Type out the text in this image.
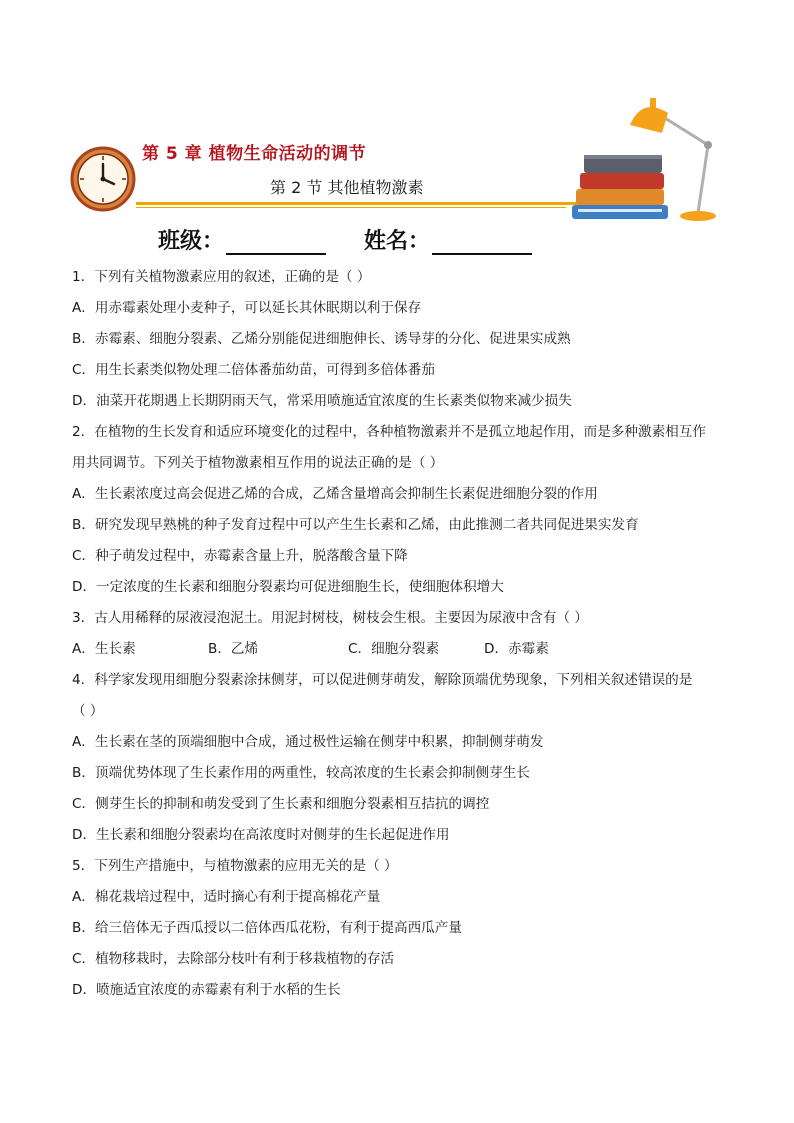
第 5 章 植物生命活动的调节
第 2 节 其他植物激素
班级：	姓名：
1．下列有关植物激素应用的叙述，正确的是（ ）
A．用赤霉素处理小麦种子，可以延长其休眠期以利于保存
B．赤霉素、细胞分裂素、乙烯分别能促进细胞伸长、诱导芽的分化、促进果实成熟
C．用生长素类似物处理二倍体番茄幼苗，可得到多倍体番茄
D．油菜开花期遇上长期阴雨天气，常采用喷施适宜浓度的生长素类似物来减少损失
2．在植物的生长发育和适应环境变化的过程中，各种植物激素并不是孤立地起作用，而是多种激素相互作
用共同调节。下列关于植物激素相互作用的说法正确的是（ ）
A．生长素浓度过高会促进乙烯的合成，乙烯含量增高会抑制生长素促进细胞分裂的作用
B．研究发现早熟桃的种子发育过程中可以产生生长素和乙烯，由此推测二者共同促进果实发育
C．种子萌发过程中，赤霉素含量上升，脱落酸含量下降
D．一定浓度的生长素和细胞分裂素均可促进细胞生长，使细胞体积增大
3．古人用稀释的尿液浸泡泥土。用泥封树枝，树枝会生根。主要因为尿液中含有（ ）
A．生长素	B．乙烯	C．细胞分裂素	D．赤霉素
4．科学家发现用细胞分裂素涂抹侧芽，可以促进侧芽萌发，解除顶端优势现象，下列相关叙述错误的是
（ ）
A．生长素在茎的顶端细胞中合成，通过极性运输在侧芽中积累，抑制侧芽萌发
B．顶端优势体现了生长素作用的两重性，较高浓度的生长素会抑制侧芽生长
C．侧芽生长的抑制和萌发受到了生长素和细胞分裂素相互拮抗的调控
D．生长素和细胞分裂素均在高浓度时对侧芽的生长起促进作用
5．下列生产措施中，与植物激素的应用无关的是（ ）
A．棉花栽培过程中，适时摘心有利于提高棉花产量
B．给三倍体无子西瓜授以二倍体西瓜花粉，有利于提高西瓜产量
C．植物移栽时，去除部分枝叶有利于移栽植物的存活
D．喷施适宜浓度的赤霉素有利于水稻的生长
